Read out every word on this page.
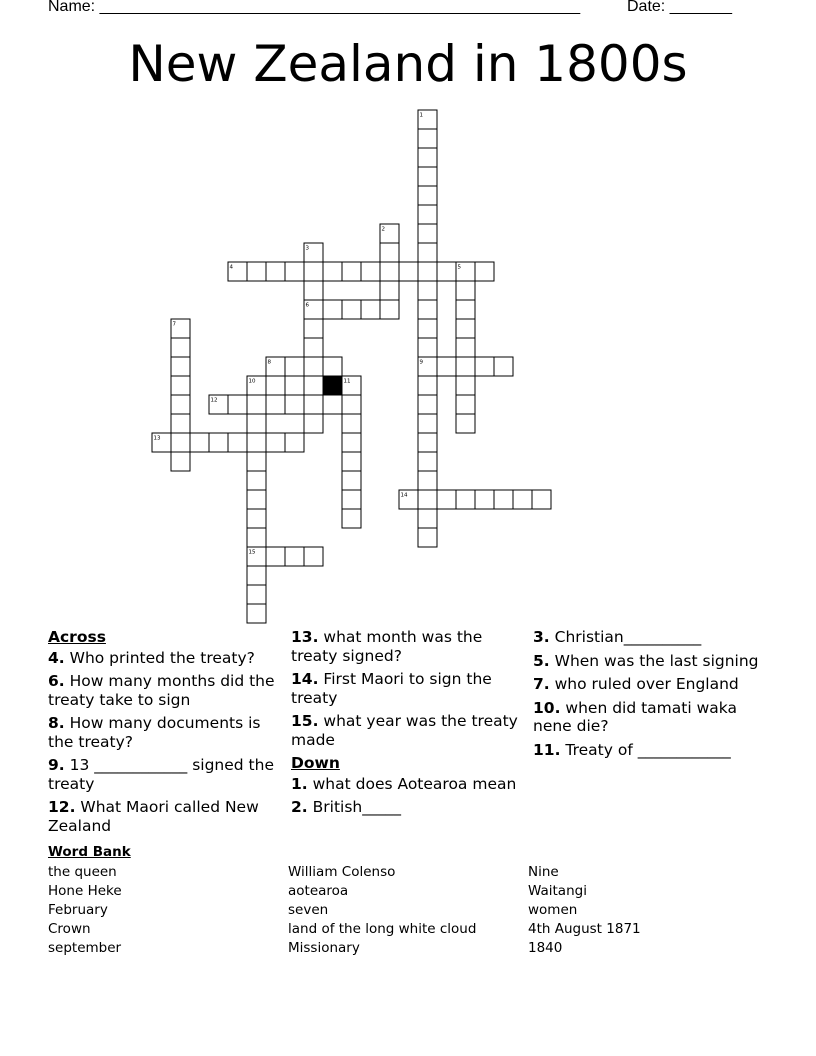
Name: ______________________________________________________	Date: _______
New Zealand in 1800s
1
9
2
3
6
4	5
7
8
10	11
12
13
15
14
Across
4. Who printed the treaty?
6. How many months did the treaty take to sign
8. How many documents is the treaty?
9. 13 ____________ signed the treaty
12. What Maori called New Zealand
13. what month was the treaty signed?
14. First Maori to sign the treaty
15. what year was the treaty made
Down
1. what does Aotearoa mean
2. British_____
3. Christian__________
5. When was the last signing
7. who ruled over England
10. when did tamati waka nene die?
11. Treaty of ____________
Word Bank
the queen
Hone Heke
February
Crown
september
William Colenso
aotearoa
seven
land of the long white cloud
Missionary
Nine
Waitangi
women
4th August 1871
1840
